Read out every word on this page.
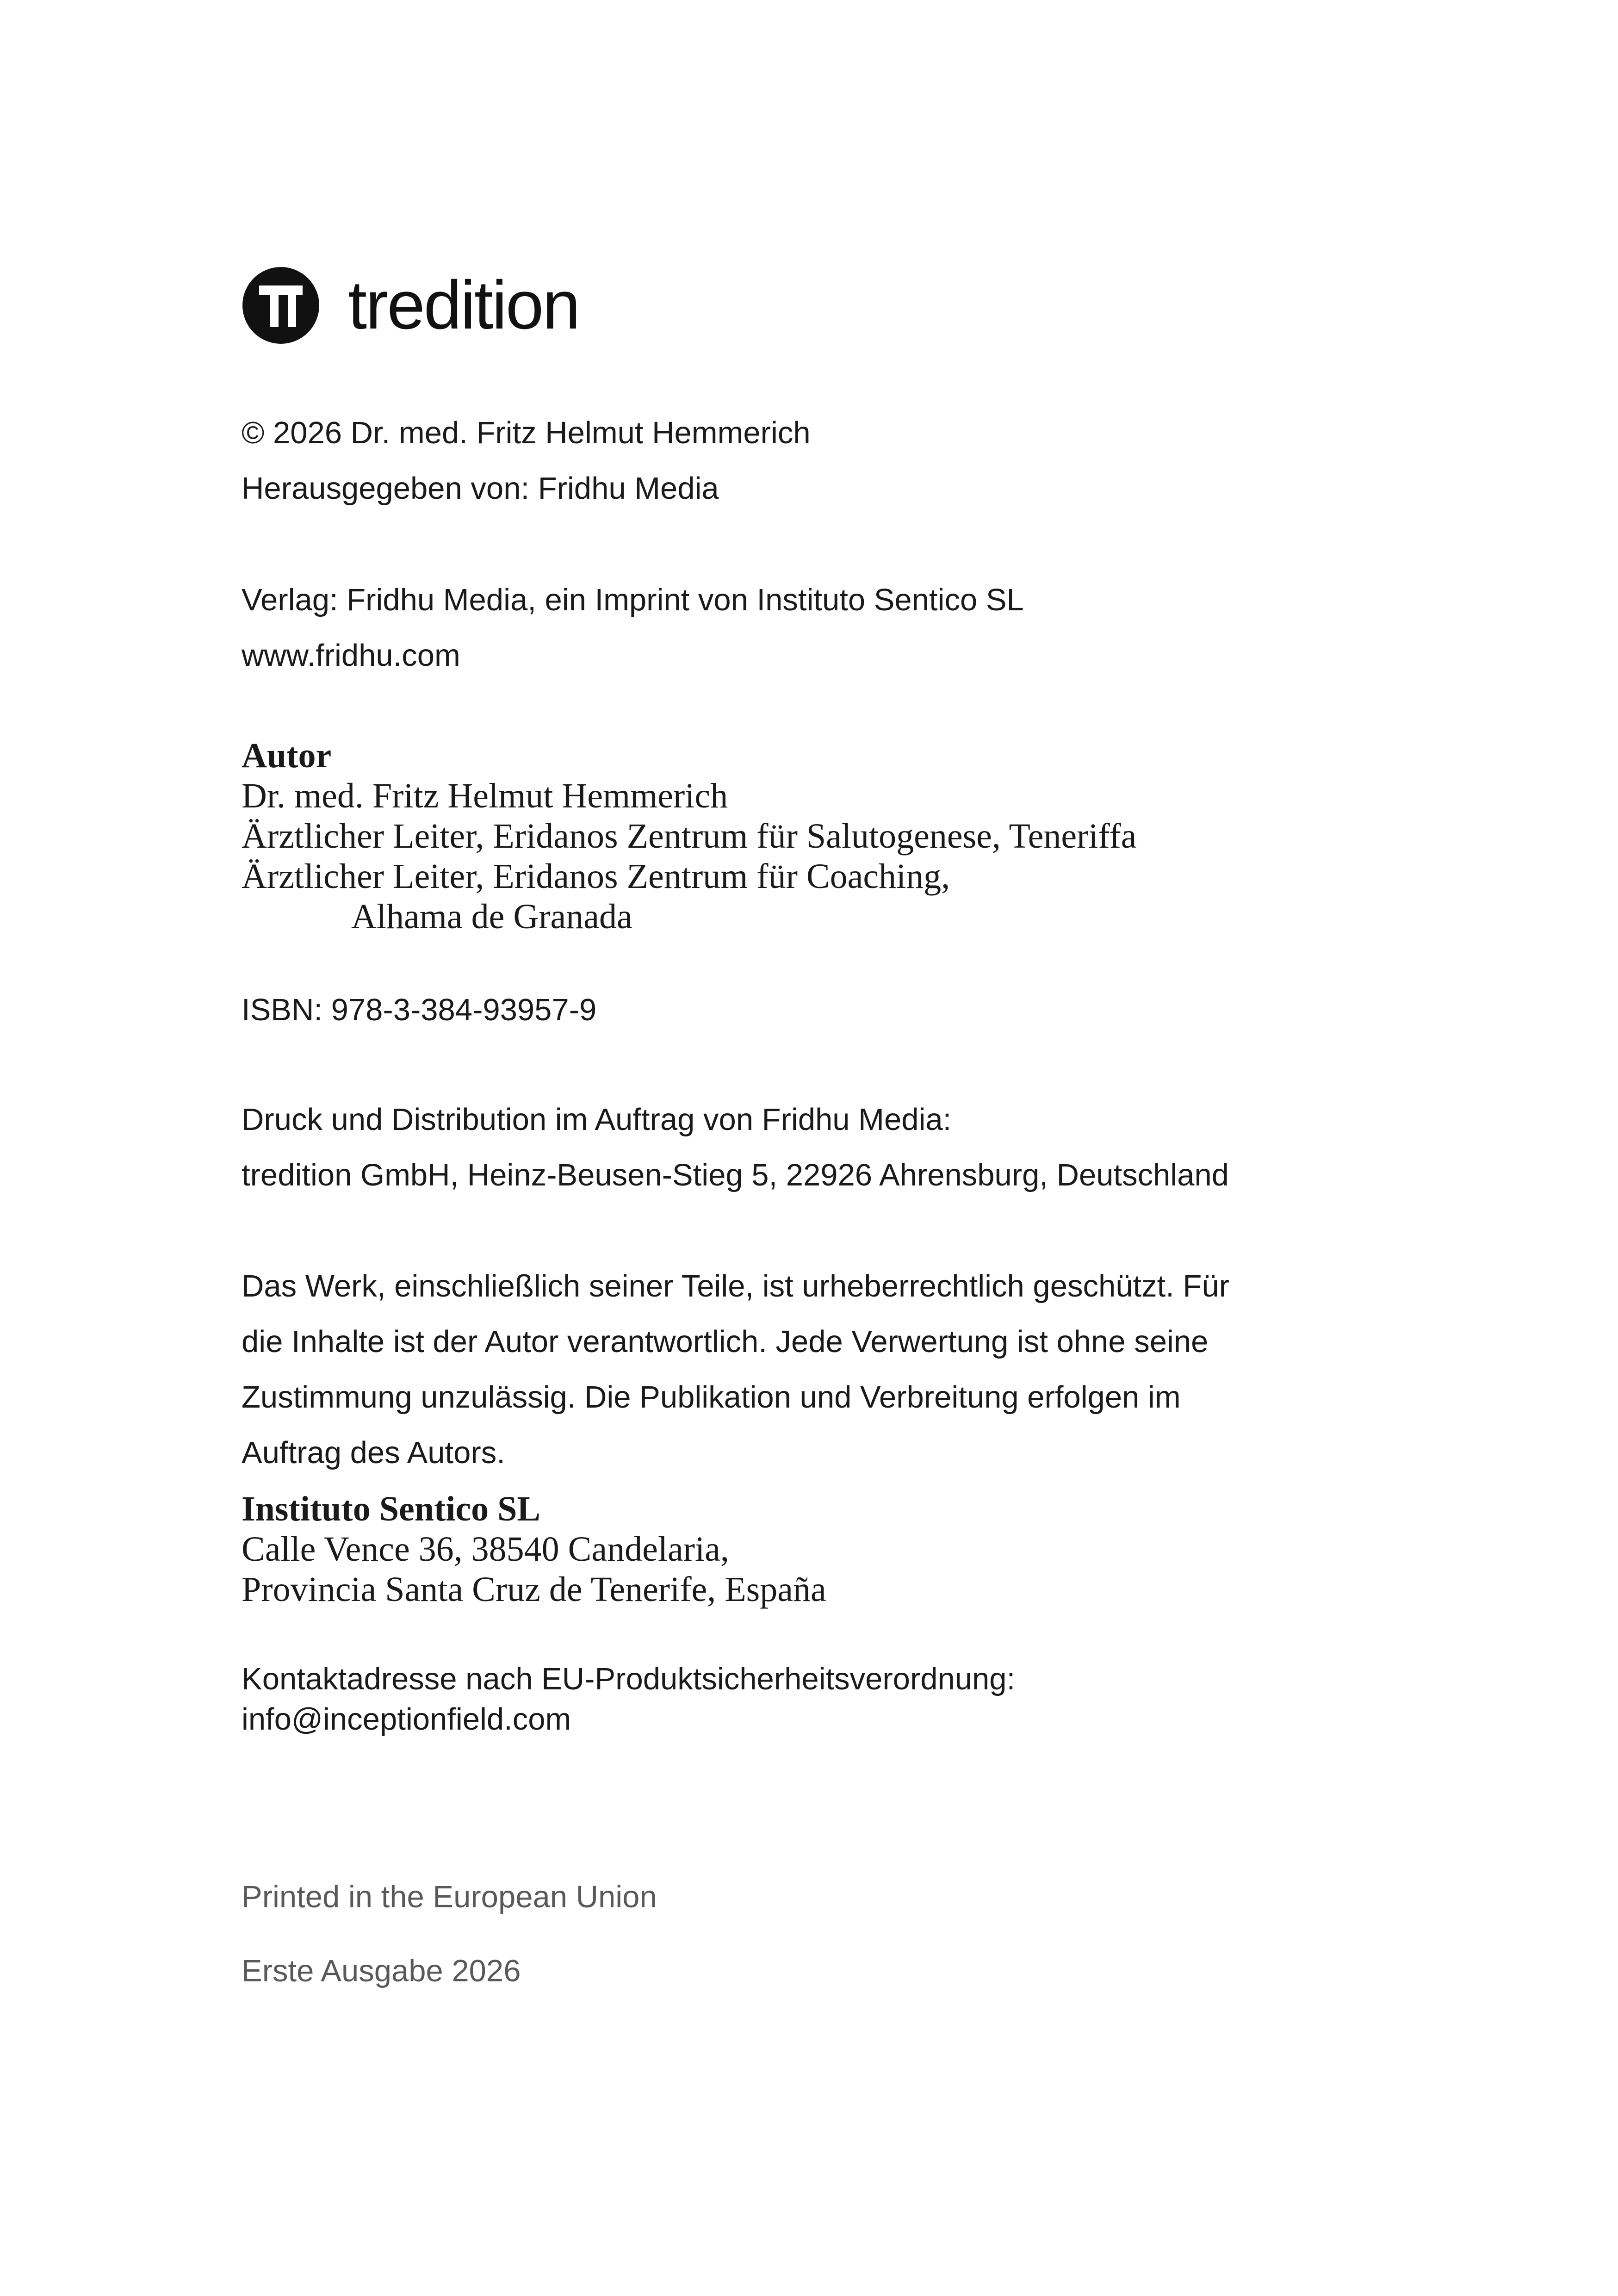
tredition
© 2026 Dr. med. Fritz Helmut Hemmerich
Herausgegeben von: Fridhu Media
Verlag: Fridhu Media, ein Imprint von Instituto Sentico SL
www.fridhu.com
Autor
Dr. med. Fritz Helmut Hemmerich
Ärztlicher Leiter, Eridanos Zentrum für Salutogenese, Teneriffa
Ärztlicher Leiter, Eridanos Zentrum für Coaching,
Alhama de Granada
ISBN: 978-3-384-93957-9
Druck und Distribution im Auftrag von Fridhu Media:
tredition GmbH, Heinz-Beusen-Stieg 5, 22926 Ahrensburg, Deutschland
Das Werk, einschließlich seiner Teile, ist urheberrechtlich geschützt. Für
die Inhalte ist der Autor verantwortlich. Jede Verwertung ist ohne seine
Zustimmung unzulässig. Die Publikation und Verbreitung erfolgen im
Auftrag des Autors.
Instituto Sentico SL
Calle Vence 36, 38540 Candelaria,
Provincia Santa Cruz de Tenerife, España
Kontaktadresse nach EU-Produktsicherheitsverordnung:
info@inceptionfield.com
Printed in the European Union
Erste Ausgabe 2026
